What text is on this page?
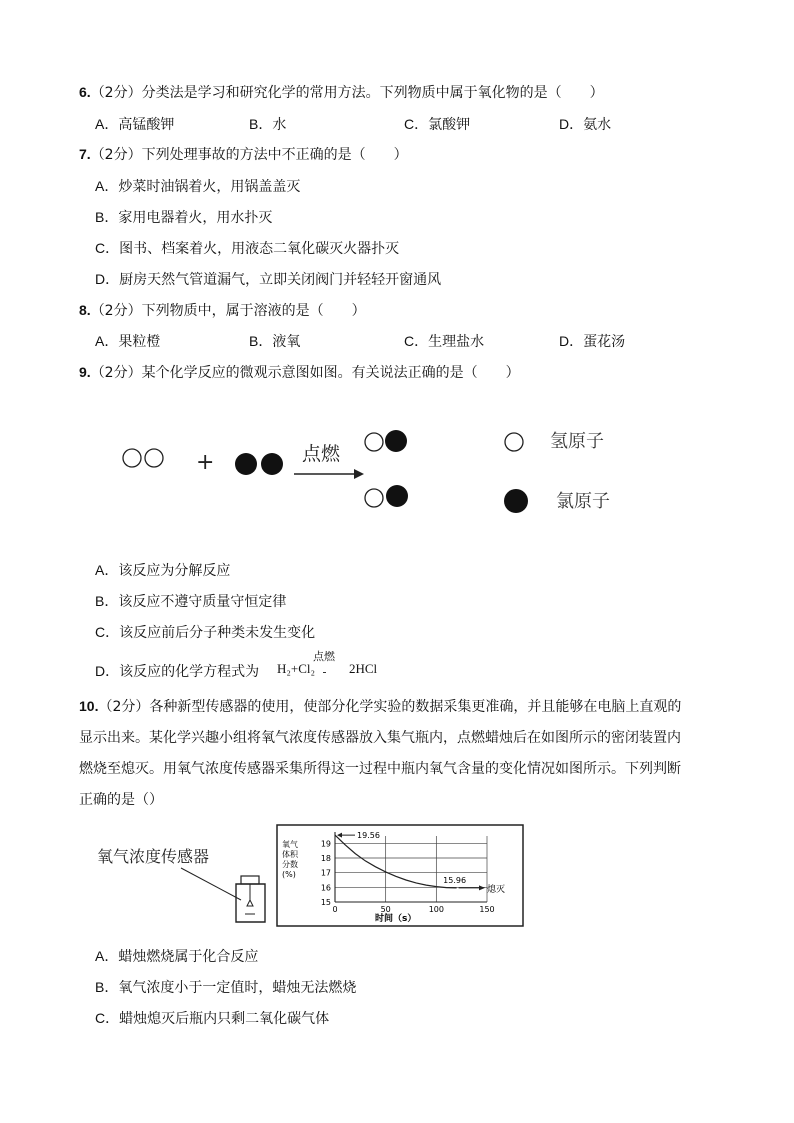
6.（2分）分类法是学习和研究化学的常用方法。下列物质中属于氧化物的是（　　）
A．高锰酸钾	B．水	C．氯酸钾	D．氨水
7.（2分）下列处理事故的方法中不正确的是（　　）
A．炒菜时油锅着火，用锅盖盖灭
B．家用电器着火，用水扑灭
C．图书、档案着火，用液态二氧化碳灭火器扑灭
D．厨房天然气管道漏气，立即关闭阀门并轻轻开窗通风
8.（2分）下列物质中，属于溶液的是（　　）
A．果粒橙	B．液氧	C．生理盐水	D．蛋花汤
9.（2分）某个化学反应的微观示意图如图。有关说法正确的是（　　）
+	点燃
氢原子
氯原子
A．该反应为分解反应
B．该反应不遵守质量守恒定律
C．该反应前后分子种类未发生变化
D．该反应的化学方程式为 H₂+Cl₂
点燃
2HCl
10.（2分）各种新型传感器的使用，使部分化学实验的数据采集更准确，并且能够在电脑上直观的
显示出来。某化学兴趣小组将氧气浓度传感器放入集气瓶内，点燃蜡烛后在如图所示的密闭装置内
燃烧至熄灭。用氧气浓度传感器采集所得这一过程中瓶内氧气含量的变化情况如图所示。下列判断
正确的是（）
氧气浓度传感器
氧气
体积
分数
(%)
15
16
17
18
19
0	50	100	150
19.56
15.96
熄灭
时间（s）
A．蜡烛燃烧属于化合反应
B．氧气浓度小于一定值时，蜡烛无法燃烧
C．蜡烛熄灭后瓶内只剩二氧化碳气体
